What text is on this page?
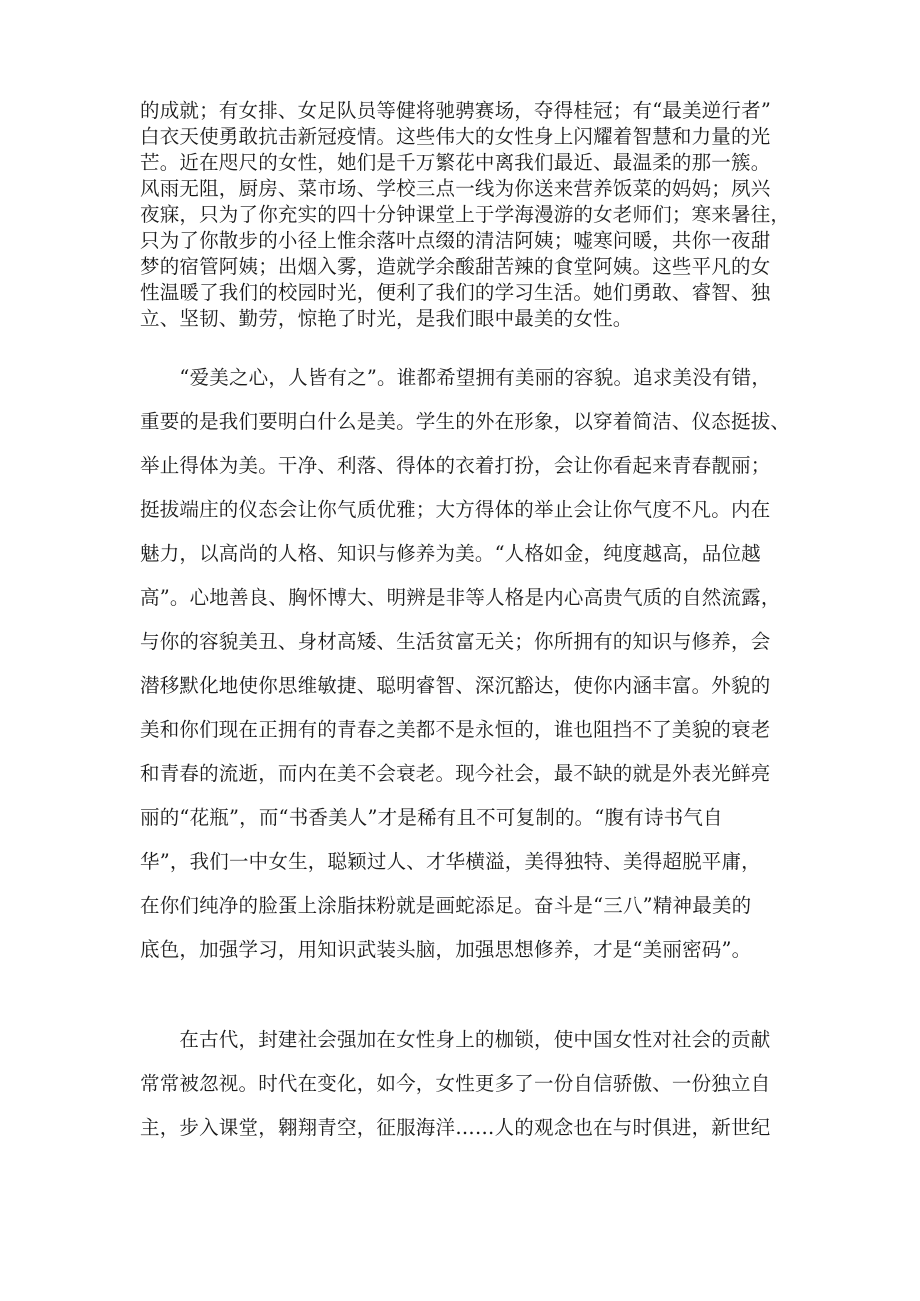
的成就；有女排、女足队员等健将驰骋赛场，夺得桂冠；有“最美逆行者”
白衣天使勇敢抗击新冠疫情。这些伟大的女性身上闪耀着智慧和力量的光
芒。近在咫尺的女性，她们是千万繁花中离我们最近、最温柔的那一簇。
风雨无阻，厨房、菜市场、学校三点一线为你送来营养饭菜的妈妈；夙兴
夜寐，只为了你充实的四十分钟课堂上于学海漫游的女老师们；寒来暑往，
只为了你散步的小径上惟余落叶点缀的清洁阿姨；嘘寒问暖，共你一夜甜
梦的宿管阿姨；出烟入雾，造就学余酸甜苦辣的食堂阿姨。这些平凡的女
性温暖了我们的校园时光，便利了我们的学习生活。她们勇敢、睿智、独
立、坚韧、勤劳，惊艳了时光，是我们眼中最美的女性。
　　“爱美之心，人皆有之”。谁都希望拥有美丽的容貌。追求美没有错，
重要的是我们要明白什么是美。学生的外在形象，以穿着简洁、仪态挺拔、
举止得体为美。干净、利落、得体的衣着打扮，会让你看起来青春靓丽；
挺拔端庄的仪态会让你气质优雅；大方得体的举止会让你气度不凡。内在
魅力，以高尚的人格、知识与修养为美。“人格如金，纯度越高，品位越
高”。心地善良、胸怀博大、明辨是非等人格是内心高贵气质的自然流露，
与你的容貌美丑、身材高矮、生活贫富无关；你所拥有的知识与修养，会
潜移默化地使你思维敏捷、聪明睿智、深沉豁达，使你内涵丰富。外貌的
美和你们现在正拥有的青春之美都不是永恒的，谁也阻挡不了美貌的衰老
和青春的流逝，而内在美不会衰老。现今社会，最不缺的就是外表光鲜亮
丽的“花瓶”，而“书香美人”才是稀有且不可复制的。“腹有诗书气自
华”，我们一中女生，聪颖过人、才华横溢，美得独特、美得超脱平庸，
在你们纯净的脸蛋上涂脂抹粉就是画蛇添足。奋斗是“三八”精神最美的
底色，加强学习，用知识武装头脑，加强思想修养，才是“美丽密码”。
　　在古代，封建社会强加在女性身上的枷锁，使中国女性对社会的贡献
常常被忽视。时代在变化，如今，女性更多了一份自信骄傲、一份独立自
主，步入课堂，翱翔青空，征服海洋……人的观念也在与时俱进，新世纪
